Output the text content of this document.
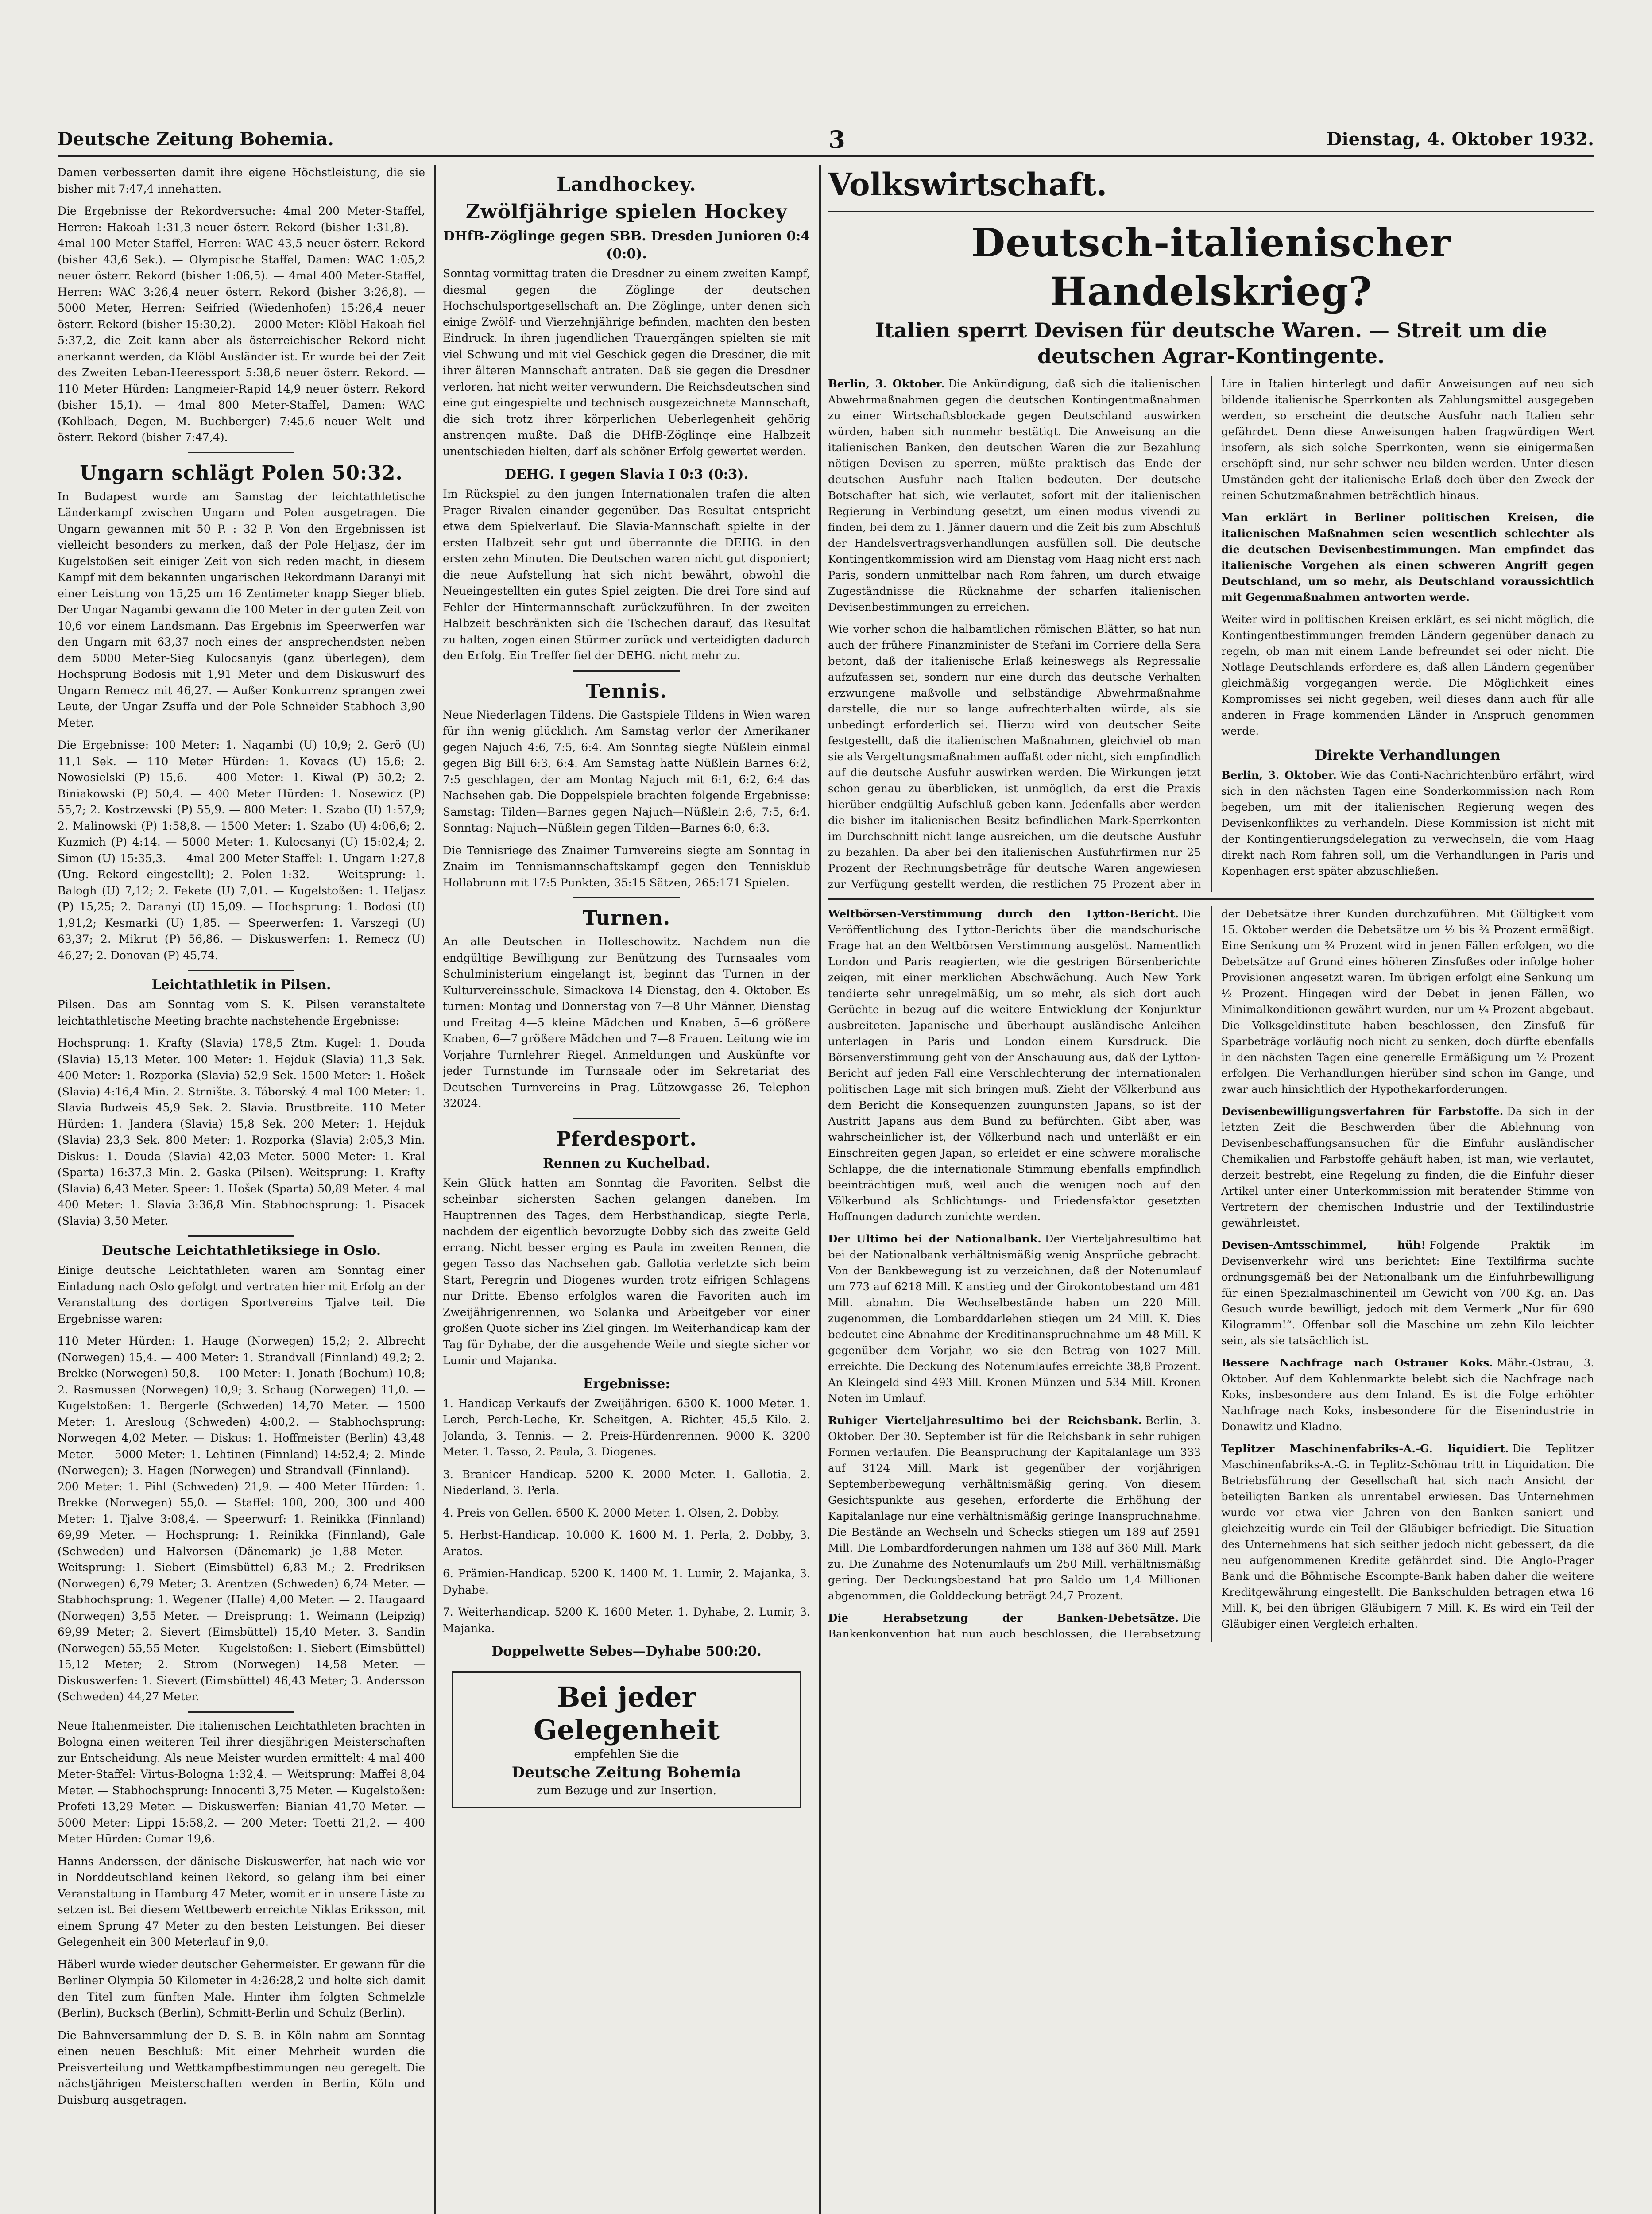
Deutsche Zeitung Bohemia.	3	Dienstag, 4. Oktober 1932.

Damen verbesserten damit ihre eigene Höchstleistung, die sie bisher mit 7:47,4 innehatten.

Die Ergebnisse der Rekordversuche: 4mal 200 Meter-Staffel, Herren: Hakoah 1:31,3 neuer österr. Rekord (bisher 1:31,8). — 4mal 100 Meter-Staffel, Herren: WAC 43,5 neuer österr. Rekord (bisher 43,6 Sek.). — Olympische Staffel, Damen: WAC 1:05,2 neuer österr. Rekord (bisher 1:06,5). — 4mal 400 Meter-Staffel, Herren: WAC 3:26,4 neuer österr. Rekord (bisher 3:26,8). — 5000 Meter, Herren: Seifried (Wiedenhofen) 15:26,4 neuer österr. Rekord (bisher 15:30,2). — 2000 Meter: Klöbl-Hakoah fiel 5:37,2, die Zeit kann aber als österreichischer Rekord nicht anerkannt werden, da Klöbl Ausländer ist. Er wurde bei der Zeit des Zweiten Leban-Heeressport 5:38,6 neuer österr. Rekord. — 110 Meter Hürden: Langmeier-Rapid 14,9 neuer österr. Rekord (bisher 15,1). — 4mal 800 Meter-Staffel, Damen: WAC (Kohlbach, Degen, M. Buchberger) 7:45,6 neuer Welt- und österr. Rekord (bisher 7:47,4).

Ungarn schlägt Polen 50:32.

In Budapest wurde am Samstag der leichtathletische Länderkampf zwischen Ungarn und Polen ausgetragen. Die Ungarn gewannen mit 50 P. : 32 P. Von den Ergebnissen ist vielleicht besonders zu merken, daß der Pole Heljasz, der im Kugelstoßen seit einiger Zeit von sich reden macht, in diesem Kampf mit dem bekannten ungarischen Rekordmann Daranyi mit einer Leistung von 15,25 um 16 Zentimeter knapp Sieger blieb. Der Ungar Nagambi gewann die 100 Meter in der guten Zeit von 10,6 vor einem Landsmann. Das Ergebnis im Speerwerfen war den Ungarn mit 63,37 noch eines der ansprechendsten neben dem 5000 Meter-Sieg Kulocsanyis (ganz überlegen), dem Hochsprung Bodosis mit 1,91 Meter und dem Diskuswurf des Ungarn Remecz mit 46,27. — Außer Konkurrenz sprangen zwei Leute, der Ungar Zsuffa und der Pole Schneider Stabhoch 3,90 Meter.

Die Ergebnisse: 100 Meter: 1. Nagambi (U) 10,9; 2. Gerö (U) 11,1 Sek. — 110 Meter Hürden: 1. Kovacs (U) 15,6; 2. Nowosielski (P) 15,6. — 400 Meter: 1. Kiwal (P) 50,2; 2. Biniakowski (P) 50,4. — 400 Meter Hürden: 1. Nosewicz (P) 55,7; 2. Kostrzewski (P) 55,9. — 800 Meter: 1. Szabo (U) 1:57,9; 2. Malinowski (P) 1:58,8. — 1500 Meter: 1. Szabo (U) 4:06,6; 2. Kuzmich (P) 4:14. — 5000 Meter: 1. Kulocsanyi (U) 15:02,4; 2. Simon (U) 15:35,3. — 4mal 200 Meter-Staffel: 1. Ungarn 1:27,8 (Ung. Rekord eingestellt); 2. Polen 1:32. — Weitsprung: 1. Balogh (U) 7,12; 2. Fekete (U) 7,01. — Kugelstoßen: 1. Heljasz (P) 15,25; 2. Daranyi (U) 15,09. — Hochsprung: 1. Bodosi (U) 1,91,2; Kesmarki (U) 1,85. — Speerwerfen: 1. Varszegi (U) 63,37; 2. Mikrut (P) 56,86. — Diskuswerfen: 1. Remecz (U) 46,27; 2. Donovan (P) 45,74.

Leichtathletik in Pilsen.

Pilsen. Das am Sonntag vom S. K. Pilsen veranstaltete leichtathletische Meeting brachte nachstehende Ergebnisse:

Hochsprung: 1. Krafty (Slavia) 178,5 Ztm. Kugel: 1. Douda (Slavia) 15,13 Meter. 100 Meter: 1. Hejduk (Slavia) 11,3 Sek. 400 Meter: 1. Rozporka (Slavia) 52,9 Sek. 1500 Meter: 1. Hošek (Slavia) 4:16,4 Min. 2. Strnište. 3. Táborský. 4 mal 100 Meter: 1. Slavia Budweis 45,9 Sek. 2. Slavia. Brustbreite. 110 Meter Hürden: 1. Jandera (Slavia) 15,8 Sek. 200 Meter: 1. Hejduk (Slavia) 23,3 Sek. 800 Meter: 1. Rozporka (Slavia) 2:05,3 Min. Diskus: 1. Douda (Slavia) 42,03 Meter. 5000 Meter: 1. Kral (Sparta) 16:37,3 Min. 2. Gaska (Pilsen). Weitsprung: 1. Krafty (Slavia) 6,43 Meter. Speer: 1. Hošek (Sparta) 50,89 Meter. 4 mal 400 Meter: 1. Slavia 3:36,8 Min. Stabhochsprung: 1. Pisacek (Slavia) 3,50 Meter.

Deutsche Leichtathletiksiege in Oslo.

Einige deutsche Leichtathleten waren am Sonntag einer Einladung nach Oslo gefolgt und vertraten hier mit Erfolg an der Veranstaltung des dortigen Sportvereins Tjalve teil. Die Ergebnisse waren:

110 Meter Hürden: 1. Hauge (Norwegen) 15,2; 2. Albrecht (Norwegen) 15,4. — 400 Meter: 1. Strandvall (Finnland) 49,2; 2. Brekke (Norwegen) 50,8. — 100 Meter: 1. Jonath (Bochum) 10,8; 2. Rasmussen (Norwegen) 10,9; 3. Schaug (Norwegen) 11,0. — Kugelstoßen: 1. Bergerle (Schweden) 14,70 Meter. — 1500 Meter: 1. Aresloug (Schweden) 4:00,2. — Stabhochsprung: Norwegen 4,02 Meter. — Diskus: 1. Hoffmeister (Berlin) 43,48 Meter. — 5000 Meter: 1. Lehtinen (Finnland) 14:52,4; 2. Minde (Norwegen); 3. Hagen (Norwegen) und Strandvall (Finnland). — 200 Meter: 1. Pihl (Schweden) 21,9. — 400 Meter Hürden: 1. Brekke (Norwegen) 55,0. — Staffel: 100, 200, 300 und 400 Meter: 1. Tjalve 3:08,4. — Speerwurf: 1. Reinikka (Finnland) 69,99 Meter. — Hochsprung: 1. Reinikka (Finnland), Gale (Schweden) und Halvorsen (Dänemark) je 1,88 Meter. — Weitsprung: 1. Siebert (Eimsbüttel) 6,83 M.; 2. Fredriksen (Norwegen) 6,79 Meter; 3. Arentzen (Schweden) 6,74 Meter. — Stabhochsprung: 1. Wegener (Halle) 4,00 Meter. — 2. Haugaard (Norwegen) 3,55 Meter. — Dreisprung: 1. Weimann (Leipzig) 69,99 Meter; 2. Sievert (Eimsbüttel) 15,40 Meter. 3. Sandin (Norwegen) 55,55 Meter. — Kugelstoßen: 1. Siebert (Eimsbüttel) 15,12 Meter; 2. Strom (Norwegen) 14,58 Meter. — Diskuswerfen: 1. Sievert (Eimsbüttel) 46,43 Meter; 3. Andersson (Schweden) 44,27 Meter.

Neue Italienmeister. Die italienischen Leichtathleten brachten in Bologna einen weiteren Teil ihrer diesjährigen Meisterschaften zur Entscheidung. Als neue Meister wurden ermittelt: 4 mal 400 Meter-Staffel: Virtus-Bologna 1:32,4. — Weitsprung: Maffei 8,04 Meter. — Stabhochsprung: Innocenti 3,75 Meter. — Kugelstoßen: Profeti 13,29 Meter. — Diskuswerfen: Bianian 41,70 Meter. — 5000 Meter: Lippi 15:58,2. — 200 Meter: Toetti 21,2. — 400 Meter Hürden: Cumar 19,6.

Hanns Anderssen, der dänische Diskuswerfer, hat nach wie vor in Norddeutschland keinen Rekord, so gelang ihm bei einer Veranstaltung in Hamburg 47 Meter, womit er in unsere Liste zu setzen ist. Bei diesem Wettbewerb erreichte Niklas Eriksson, mit einem Sprung 47 Meter zu den besten Leistungen. Bei dieser Gelegenheit ein 300 Meterlauf in 9,0.

Häberl wurde wieder deutscher Gehermeister. Er gewann für die Berliner Olympia 50 Kilometer in 4:26:28,2 und holte sich damit den Titel zum fünften Male. Hinter ihm folgten Schmelzle (Berlin), Bucksch (Berlin), Schmitt-Berlin und Schulz (Berlin).

Die Bahnversammlung der D. S. B. in Köln nahm am Sonntag einen neuen Beschluß: Mit einer Mehrheit wurden die Preisverteilung und Wettkampfbestimmungen neu geregelt. Die nächstjährigen Meisterschaften werden in Berlin, Köln und Duisburg ausgetragen.

Landhockey.
Zwölfjährige spielen Hockey
DHfB-Zöglinge gegen SBB. Dresden Junioren 0:4 (0:0).

Sonntag vormittag traten die Dresdner zu einem zweiten Kampf, diesmal gegen die Zöglinge der deutschen Hochschulsportgesellschaft an. Die Zöglinge, unter denen sich einige Zwölf- und Vierzehnjährige befinden, machten den besten Eindruck. In ihren jugendlichen Trauergängen spielten sie mit viel Schwung und mit viel Geschick gegen die Dresdner, die mit ihrer älteren Mannschaft antraten. Daß sie gegen die Dresdner verloren, hat nicht weiter verwundern. Die Reichsdeutschen sind eine gut eingespielte und technisch ausgezeichnete Mannschaft, die sich trotz ihrer körperlichen Ueberlegenheit gehörig anstrengen mußte. Daß die DHfB-Zöglinge eine Halbzeit unentschieden hielten, darf als schöner Erfolg gewertet werden.

DEHG. I gegen Slavia I 0:3 (0:3).

Im Rückspiel zu den jungen Internationalen trafen die alten Prager Rivalen einander gegenüber. Das Resultat entspricht etwa dem Spielverlauf. Die Slavia-Mannschaft spielte in der ersten Halbzeit sehr gut und überrannte die DEHG. in den ersten zehn Minuten. Die Deutschen waren nicht gut disponiert; die neue Aufstellung hat sich nicht bewährt, obwohl die Neueingestellten ein gutes Spiel zeigten. Die drei Tore sind auf Fehler der Hintermannschaft zurückzuführen. In der zweiten Halbzeit beschränkten sich die Tschechen darauf, das Resultat zu halten, zogen einen Stürmer zurück und verteidigten dadurch den Erfolg. Ein Treffer fiel der DEHG. nicht mehr zu.

Tennis.

Neue Niederlagen Tildens. Die Gastspiele Tildens in Wien waren für ihn wenig glücklich. Am Samstag verlor der Amerikaner gegen Najuch 4:6, 7:5, 6:4. Am Sonntag siegte Nüßlein einmal gegen Big Bill 6:3, 6:4. Am Samstag hatte Nüßlein Barnes 6:2, 7:5 geschlagen, der am Montag Najuch mit 6:1, 6:2, 6:4 das Nachsehen gab. Die Doppelspiele brachten folgende Ergebnisse: Samstag: Tilden—Barnes gegen Najuch—Nüßlein 2:6, 7:5, 6:4. Sonntag: Najuch—Nüßlein gegen Tilden—Barnes 6:0, 6:3.

Die Tennisriege des Znaimer Turnvereins siegte am Sonntag in Znaim im Tennismannschaftskampf gegen den Tennisklub Hollabrunn mit 17:5 Punkten, 35:15 Sätzen, 265:171 Spielen.

Turnen.

An alle Deutschen in Holleschowitz. Nachdem nun die endgültige Bewilligung zur Benützung des Turnsaales vom Schulministerium eingelangt ist, beginnt das Turnen in der Kulturvereinsschule, Simackova 14 Dienstag, den 4. Oktober. Es turnen: Montag und Donnerstag von 7—8 Uhr Männer, Dienstag und Freitag 4—5 kleine Mädchen und Knaben, 5—6 größere Knaben, 6—7 größere Mädchen und 7—8 Frauen. Leitung wie im Vorjahre Turnlehrer Riegel. Anmeldungen und Auskünfte vor jeder Turnstunde im Turnsaale oder im Sekretariat des Deutschen Turnvereins in Prag, Lützowgasse 26, Telephon 32024.

Pferdesport.
Rennen zu Kuchelbad.

Kein Glück hatten am Sonntag die Favoriten. Selbst die scheinbar sichersten Sachen gelangen daneben. Im Hauptrennen des Tages, dem Herbsthandicap, siegte Perla, nachdem der eigentlich bevorzugte Dobby sich das zweite Geld errang. Nicht besser erging es Paula im zweiten Rennen, die gegen Tasso das Nachsehen gab. Gallotia verletzte sich beim Start, Peregrin und Diogenes wurden trotz eifrigen Schlagens nur Dritte. Ebenso erfolglos waren die Favoriten auch im Zweijährigenrennen, wo Solanka und Arbeitgeber vor einer großen Quote sicher ins Ziel gingen. Im Weiterhandicap kam der Tag für Dyhabe, der die ausgehende Weile und siegte sicher vor Lumir und Majanka.

Ergebnisse:

1. Handicap Verkaufs der Zweijährigen. 6500 K. 1000 Meter. 1. Lerch, Perch-Leche, Kr. Scheitgen, A. Richter, 45,5 Kilo. 2. Jolanda, 3. Tennis. — 2. Preis-Hürdenrennen. 9000 K. 3200 Meter. 1. Tasso, 2. Paula, 3. Diogenes.

3. Branicer Handicap. 5200 K. 2000 Meter. 1. Gallotia, 2. Niederland, 3. Perla.

4. Preis von Gellen. 6500 K. 2000 Meter. 1. Olsen, 2. Dobby.

5. Herbst-Handicap. 10.000 K. 1600 M. 1. Perla, 2. Dobby, 3. Aratos.

6. Prämien-Handicap. 5200 K. 1400 M. 1. Lumir, 2. Majanka, 3. Dyhabe.

7. Weiterhandicap. 5200 K. 1600 Meter. 1. Dyhabe, 2. Lumir, 3. Majanka.

Doppelwette Sebes—Dyhabe 500:20.
Bei jeder Gelegenheit
empfehlen Sie die
Deutsche Zeitung Bohemia
zum Bezuge und zur Insertion.
Volkswirtschaft.
Deutsch-italienischer Handelskrieg?
Italien sperrt Devisen für deutsche Waren. — Streit um die deutschen Agrar-Kontingente.
Berlin, 3. Oktober. Die Ankündigung, daß sich die italienischen Abwehrmaßnahmen gegen die deutschen Kontingentmaßnahmen zu einer Wirtschaftsblockade gegen Deutschland auswirken würden, haben sich nunmehr bestätigt. Die Anweisung an die italienischen Banken, den deutschen Waren die zur Bezahlung nötigen Devisen zu sperren, müßte praktisch das Ende der deutschen Ausfuhr nach Italien bedeuten. Der deutsche Botschafter hat sich, wie verlautet, sofort mit der italienischen Regierung in Verbindung gesetzt, um einen modus vivendi zu finden, bei dem zu 1. Jänner dauern und die Zeit bis zum Abschluß der Handelsvertragsverhandlungen ausfüllen soll. Die deutsche Kontingentkommission wird am Dienstag vom Haag nicht erst nach Paris, sondern unmittelbar nach Rom fahren, um durch etwaige Zugeständnisse die Rücknahme der scharfen italienischen Devisenbestimmungen zu erreichen.
Wie vorher schon die halbamtlichen römischen Blätter, so hat nun auch der frühere Finanzminister de Stefani im Corriere della Sera betont, daß der italienische Erlaß keineswegs als Repressalie aufzufassen sei, sondern nur eine durch das deutsche Verhalten erzwungene maßvolle und selbständige Abwehrmaßnahme darstelle, die nur so lange aufrechterhalten würde, als sie unbedingt erforderlich sei. Hierzu wird von deutscher Seite festgestellt, daß die italienischen Maßnahmen, gleichviel ob man sie als Vergeltungsmaßnahmen auffaßt oder nicht, sich empfindlich auf die deutsche Ausfuhr auswirken werden. Die Wirkungen jetzt schon genau zu überblicken, ist unmöglich, da erst die Praxis hierüber endgültig Aufschluß geben kann. Jedenfalls aber werden die bisher im italienischen Besitz befindlichen Mark-Sperrkonten im Durchschnitt nicht lange ausreichen, um die deutsche Ausfuhr zu bezahlen. Da aber bei den italienischen Ausfuhrfirmen nur 25 Prozent der Rechnungsbeträge für deutsche Waren angewiesen zur Verfügung gestellt werden, die restlichen 75 Prozent aber in Lire in Italien hinterlegt und dafür Anweisungen auf neu sich bildende italienische Sperrkonten als Zahlungsmittel ausgegeben werden, so erscheint die deutsche Ausfuhr nach Italien sehr gefährdet. Denn diese Anweisungen haben fragwürdigen Wert insofern, als sich solche Sperrkonten, wenn sie einigermaßen erschöpft sind, nur sehr schwer neu bilden werden. Unter diesen Umständen geht der italienische Erlaß doch über den Zweck der reinen Schutzmaßnahmen beträchtlich hinaus.
Man erklärt in Berliner politischen Kreisen, die italienischen Maßnahmen seien wesentlich schlechter als die deutschen Devisenbestimmungen. Man empfindet das italienische Vorgehen als einen schweren Angriff gegen Deutschland, um so mehr, als Deutschland voraussichtlich mit Gegenmaßnahmen antworten werde.
Weiter wird in politischen Kreisen erklärt, es sei nicht möglich, die Kontingentbestimmungen fremden Ländern gegenüber danach zu regeln, ob man mit einem Lande befreundet sei oder nicht. Die Notlage Deutschlands erfordere es, daß allen Ländern gegenüber gleichmäßig vorgegangen werde. Die Möglichkeit eines Kompromisses sei nicht gegeben, weil dieses dann auch für alle anderen in Frage kommenden Länder in Anspruch genommen werde.
Direkte Verhandlungen
Berlin, 3. Oktober. Wie das Conti-Nachrichtenbüro erfährt, wird sich in den nächsten Tagen eine Sonderkommission nach Rom begeben, um mit der italienischen Regierung wegen des Devisenkonfliktes zu verhandeln. Diese Kommission ist nicht mit der Kontingentierungsdelegation zu verwechseln, die vom Haag direkt nach Rom fahren soll, um die Verhandlungen in Paris und Kopenhagen erst später abzuschließen.
Weltbörsen-Verstimmung durch den Lytton-Bericht. Die Veröffentlichung des Lytton-Berichts über die mandschurische Frage hat an den Weltbörsen Verstimmung ausgelöst. Namentlich London und Paris reagierten, wie die gestrigen Börsenberichte zeigen, mit einer merklichen Abschwächung. Auch New York tendierte sehr unregelmäßig, um so mehr, als sich dort auch Gerüchte in bezug auf die weitere Entwicklung der Konjunktur ausbreiteten. Japanische und überhaupt ausländische Anleihen unterlagen in Paris und London einem Kursdruck. Die Börsenverstimmung geht von der Anschauung aus, daß der Lytton-Bericht auf jeden Fall eine Verschlechterung der internationalen politischen Lage mit sich bringen muß. Zieht der Völkerbund aus dem Bericht die Konsequenzen zuungunsten Japans, so ist der Austritt Japans aus dem Bund zu befürchten. Gibt aber, was wahrscheinlicher ist, der Völkerbund nach und unterläßt er ein Einschreiten gegen Japan, so erleidet er eine schwere moralische Schlappe, die die internationale Stimmung ebenfalls empfindlich beeinträchtigen muß, weil auch die wenigen noch auf den Völkerbund als Schlichtungs- und Friedensfaktor gesetzten Hoffnungen dadurch zunichte werden.
Der Ultimo bei der Nationalbank. Der Vierteljahresultimo hat bei der Nationalbank verhältnismäßig wenig Ansprüche gebracht. Von der Bankbewegung ist zu verzeichnen, daß der Notenumlauf um 773 auf 6218 Mill. K anstieg und der Girokontobestand um 481 Mill. abnahm. Die Wechselbestände haben um 220 Mill. zugenommen, die Lombarddarlehen stiegen um 24 Mill. K. Dies bedeutet eine Abnahme der Kreditinanspruchnahme um 48 Mill. K gegenüber dem Vorjahr, wo sie den Betrag von 1027 Mill. erreichte. Die Deckung des Notenumlaufes erreichte 38,8 Prozent. An Kleingeld sind 493 Mill. Kronen Münzen und 534 Mill. Kronen Noten im Umlauf.
Ruhiger Vierteljahresultimo bei der Reichsbank. Berlin, 3. Oktober. Der 30. September ist für die Reichsbank in sehr ruhigen Formen verlaufen. Die Beanspruchung der Kapitalanlage um 333 auf 3124 Mill. Mark ist gegenüber der vorjährigen Septemberbewegung verhältnismäßig gering. Von diesem Gesichtspunkte aus gesehen, erforderte die Erhöhung der Kapitalanlage nur eine verhältnismäßig geringe Inanspruchnahme. Die Bestände an Wechseln und Schecks stiegen um 189 auf 2591 Mill. Die Lombardforderungen nahmen um 138 auf 360 Mill. Mark zu. Die Zunahme des Notenumlaufs um 250 Mill. verhältnismäßig gering. Der Deckungsbestand hat pro Saldo um 1,4 Millionen abgenommen, die Golddeckung beträgt 24,7 Prozent.
Die Herabsetzung der Banken-Debetsätze. Die Bankenkonvention hat nun auch beschlossen, die Herabsetzung der Debetsätze ihrer Kunden durchzuführen. Mit Gültigkeit vom 15. Oktober werden die Debetsätze um ½ bis ¾ Prozent ermäßigt. Eine Senkung um ¾ Prozent wird in jenen Fällen erfolgen, wo die Debetsätze auf Grund eines höheren Zinsfußes oder infolge hoher Provisionen angesetzt waren. Im übrigen erfolgt eine Senkung um ½ Prozent. Hingegen wird der Debet in jenen Fällen, wo Minimalkonditionen gewährt wurden, nur um ¼ Prozent abgebaut. Die Volksgeldinstitute haben beschlossen, den Zinsfuß für Sparbeträge vorläufig noch nicht zu senken, doch dürfte ebenfalls in den nächsten Tagen eine generelle Ermäßigung um ½ Prozent erfolgen. Die Verhandlungen hierüber sind schon im Gange, und zwar auch hinsichtlich der Hypothekarforderungen.
Devisenbewilligungsverfahren für Farbstoffe. Da sich in der letzten Zeit die Beschwerden über die Ablehnung von Devisenbeschaffungsansuchen für die Einfuhr ausländischer Chemikalien und Farbstoffe gehäuft haben, ist man, wie verlautet, derzeit bestrebt, eine Regelung zu finden, die die Einfuhr dieser Artikel unter einer Unterkommission mit beratender Stimme von Vertretern der chemischen Industrie und der Textilindustrie gewährleistet.
Devisen-Amtsschimmel, hüh! Folgende Praktik im Devisenverkehr wird uns berichtet: Eine Textilfirma suchte ordnungsgemäß bei der Nationalbank um die Einfuhrbewilligung für einen Spezialmaschinenteil im Gewicht von 700 Kg. an. Das Gesuch wurde bewilligt, jedoch mit dem Vermerk „Nur für 690 Kilogramm!“. Offenbar soll die Maschine um zehn Kilo leichter sein, als sie tatsächlich ist.
Bessere Nachfrage nach Ostrauer Koks. Mähr.-Ostrau, 3. Oktober. Auf dem Kohlenmarkte belebt sich die Nachfrage nach Koks, insbesondere aus dem Inland. Es ist die Folge erhöhter Nachfrage nach Koks, insbesondere für die Eisenindustrie in Donawitz und Kladno.
Teplitzer Maschinenfabriks-A.-G. liquidiert. Die Teplitzer Maschinenfabriks-A.-G. in Teplitz-Schönau tritt in Liquidation. Die Betriebsführung der Gesellschaft hat sich nach Ansicht der beteiligten Banken als unrentabel erwiesen. Das Unternehmen wurde vor etwa vier Jahren von den Banken saniert und gleichzeitig wurde ein Teil der Gläubiger befriedigt. Die Situation des Unternehmens hat sich seither jedoch nicht gebessert, da die neu aufgenommenen Kredite gefährdet sind. Die Anglo-Prager Bank und die Böhmische Escompte-Bank haben daher die weitere Kreditgewährung eingestellt. Die Bankschulden betragen etwa 16 Mill. K, bei den übrigen Gläubigern 7 Mill. K. Es wird ein Teil der Gläubiger einen Vergleich erhalten.
